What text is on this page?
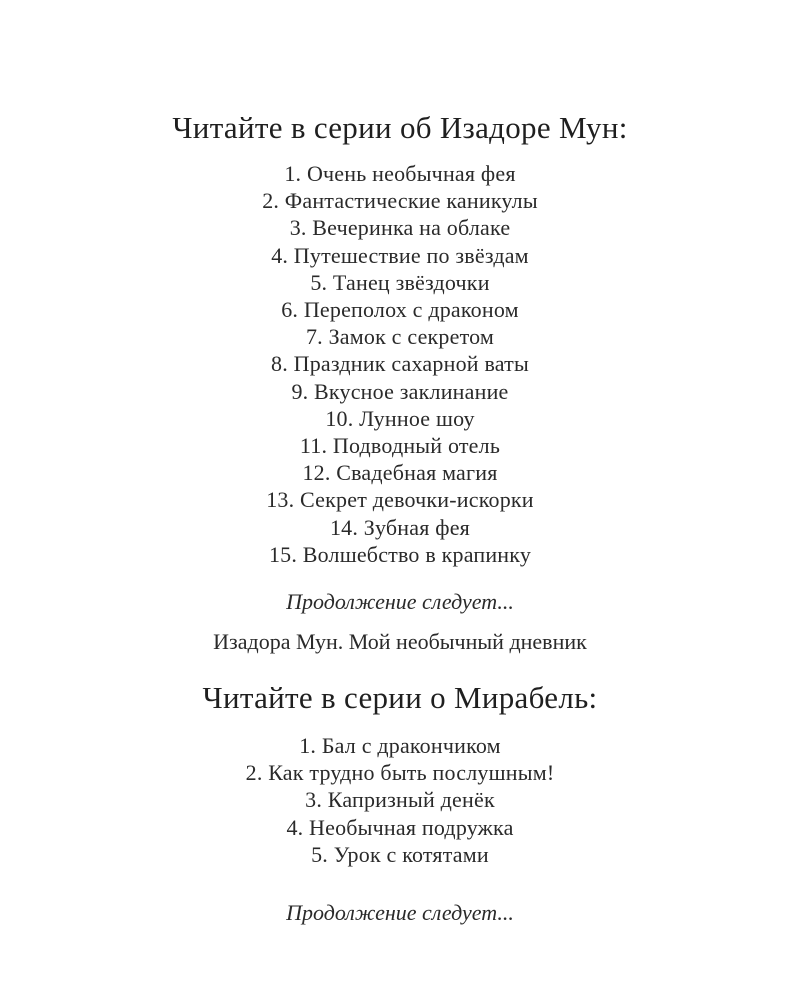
Читайте в серии об Изадоре Мун:
1. Очень необычная фея
2. Фантастические каникулы
3. Вечеринка на облаке
4. Путешествие по звёздам
5. Танец звёздочки
6. Переполох с драконом
7. Замок с секретом
8. Праздник сахарной ваты
9. Вкусное заклинание
10. Лунное шоу
11. Подводный отель
12. Свадебная магия
13. Секрет девочки-искорки
14. Зубная фея
15. Волшебство в крапинку
Продолжение следует...
Изадора Мун. Мой необычный дневник
Читайте в серии о Мирабель:
1. Бал с дракончиком
2. Как трудно быть послушным!
3. Капризный денёк
4. Необычная подружка
5. Урок с котятами
Продолжение следует...
